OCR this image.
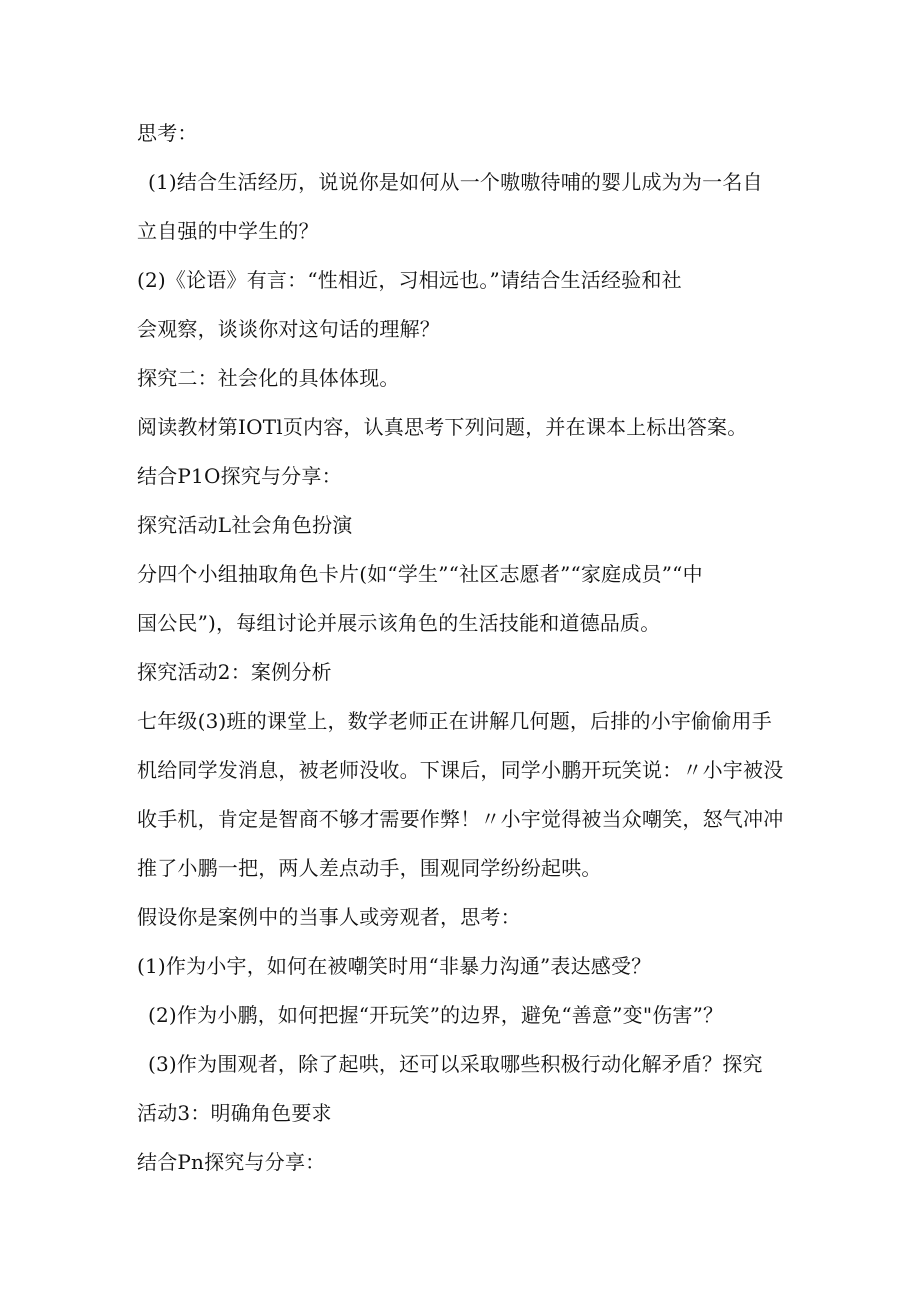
思考：
(1)结合生活经历，说说你是如何从一个嗷嗷待哺的婴儿成为为一名自
立自强的中学生的？
(2)《论语》有言：“性相近，习相远也。”请结合生活经验和社
会观察，谈谈你对这句话的理解？
探究二：社会化的具体体现。
阅读教材第IOTl页内容，认真思考下列问题，并在课本上标出答案。
结合P1O探究与分享：
探究活动L社会角色扮演
分四个小组抽取角色卡片(如“学生”“社区志愿者”“家庭成员”“中
国公民”)，每组讨论并展示该角色的生活技能和道德品质。
探究活动2：案例分析
七年级(3)班的课堂上，数学老师正在讲解几何题，后排的小宇偷偷用手
机给同学发消息，被老师没收。下课后，同学小鹏开玩笑说：〃小宇被没
收手机，肯定是智商不够才需要作弊！〃小宇觉得被当众嘲笑，怒气冲冲
推了小鹏一把，两人差点动手，围观同学纷纷起哄。
假设你是案例中的当事人或旁观者，思考：
(1)作为小宇，如何在被嘲笑时用“非暴力沟通”表达感受？
(2)作为小鹏，如何把握“开玩笑”的边界，避免“善意”变"伤害”？
(3)作为围观者，除了起哄，还可以采取哪些积极行动化解矛盾？探究
活动3：明确角色要求
结合Pn探究与分享：
